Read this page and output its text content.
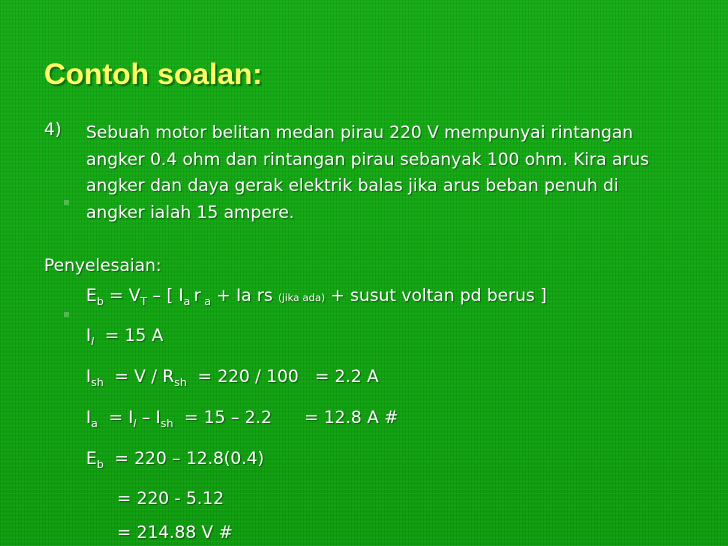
Contoh soalan:
4) Sebuah motor belitan medan pirau 220 V mempunyai rintangan
angker 0.4 ohm dan rintangan pirau sebanyak 100 ohm. Kira arus
angker dan daya gerak elektrik balas jika arus beban penuh di
angker ialah 15 ampere.
Penyelesaian:
$E_b = V_T$ – [ $I_a$ r $_a$ + Ia rs (jika ada) + susut voltan pd berus ]
$I_l = 15$ A
$I_{sh} = V / R_{sh} = 220 / 100 = 2.2$ A
$I_a = I_l - I_{sh} = 15 - 2.2$      = 12.8 A #
$E_b = 220 - 12.8(0.4)$
= 220 - 5.12
= 214.88 V #
